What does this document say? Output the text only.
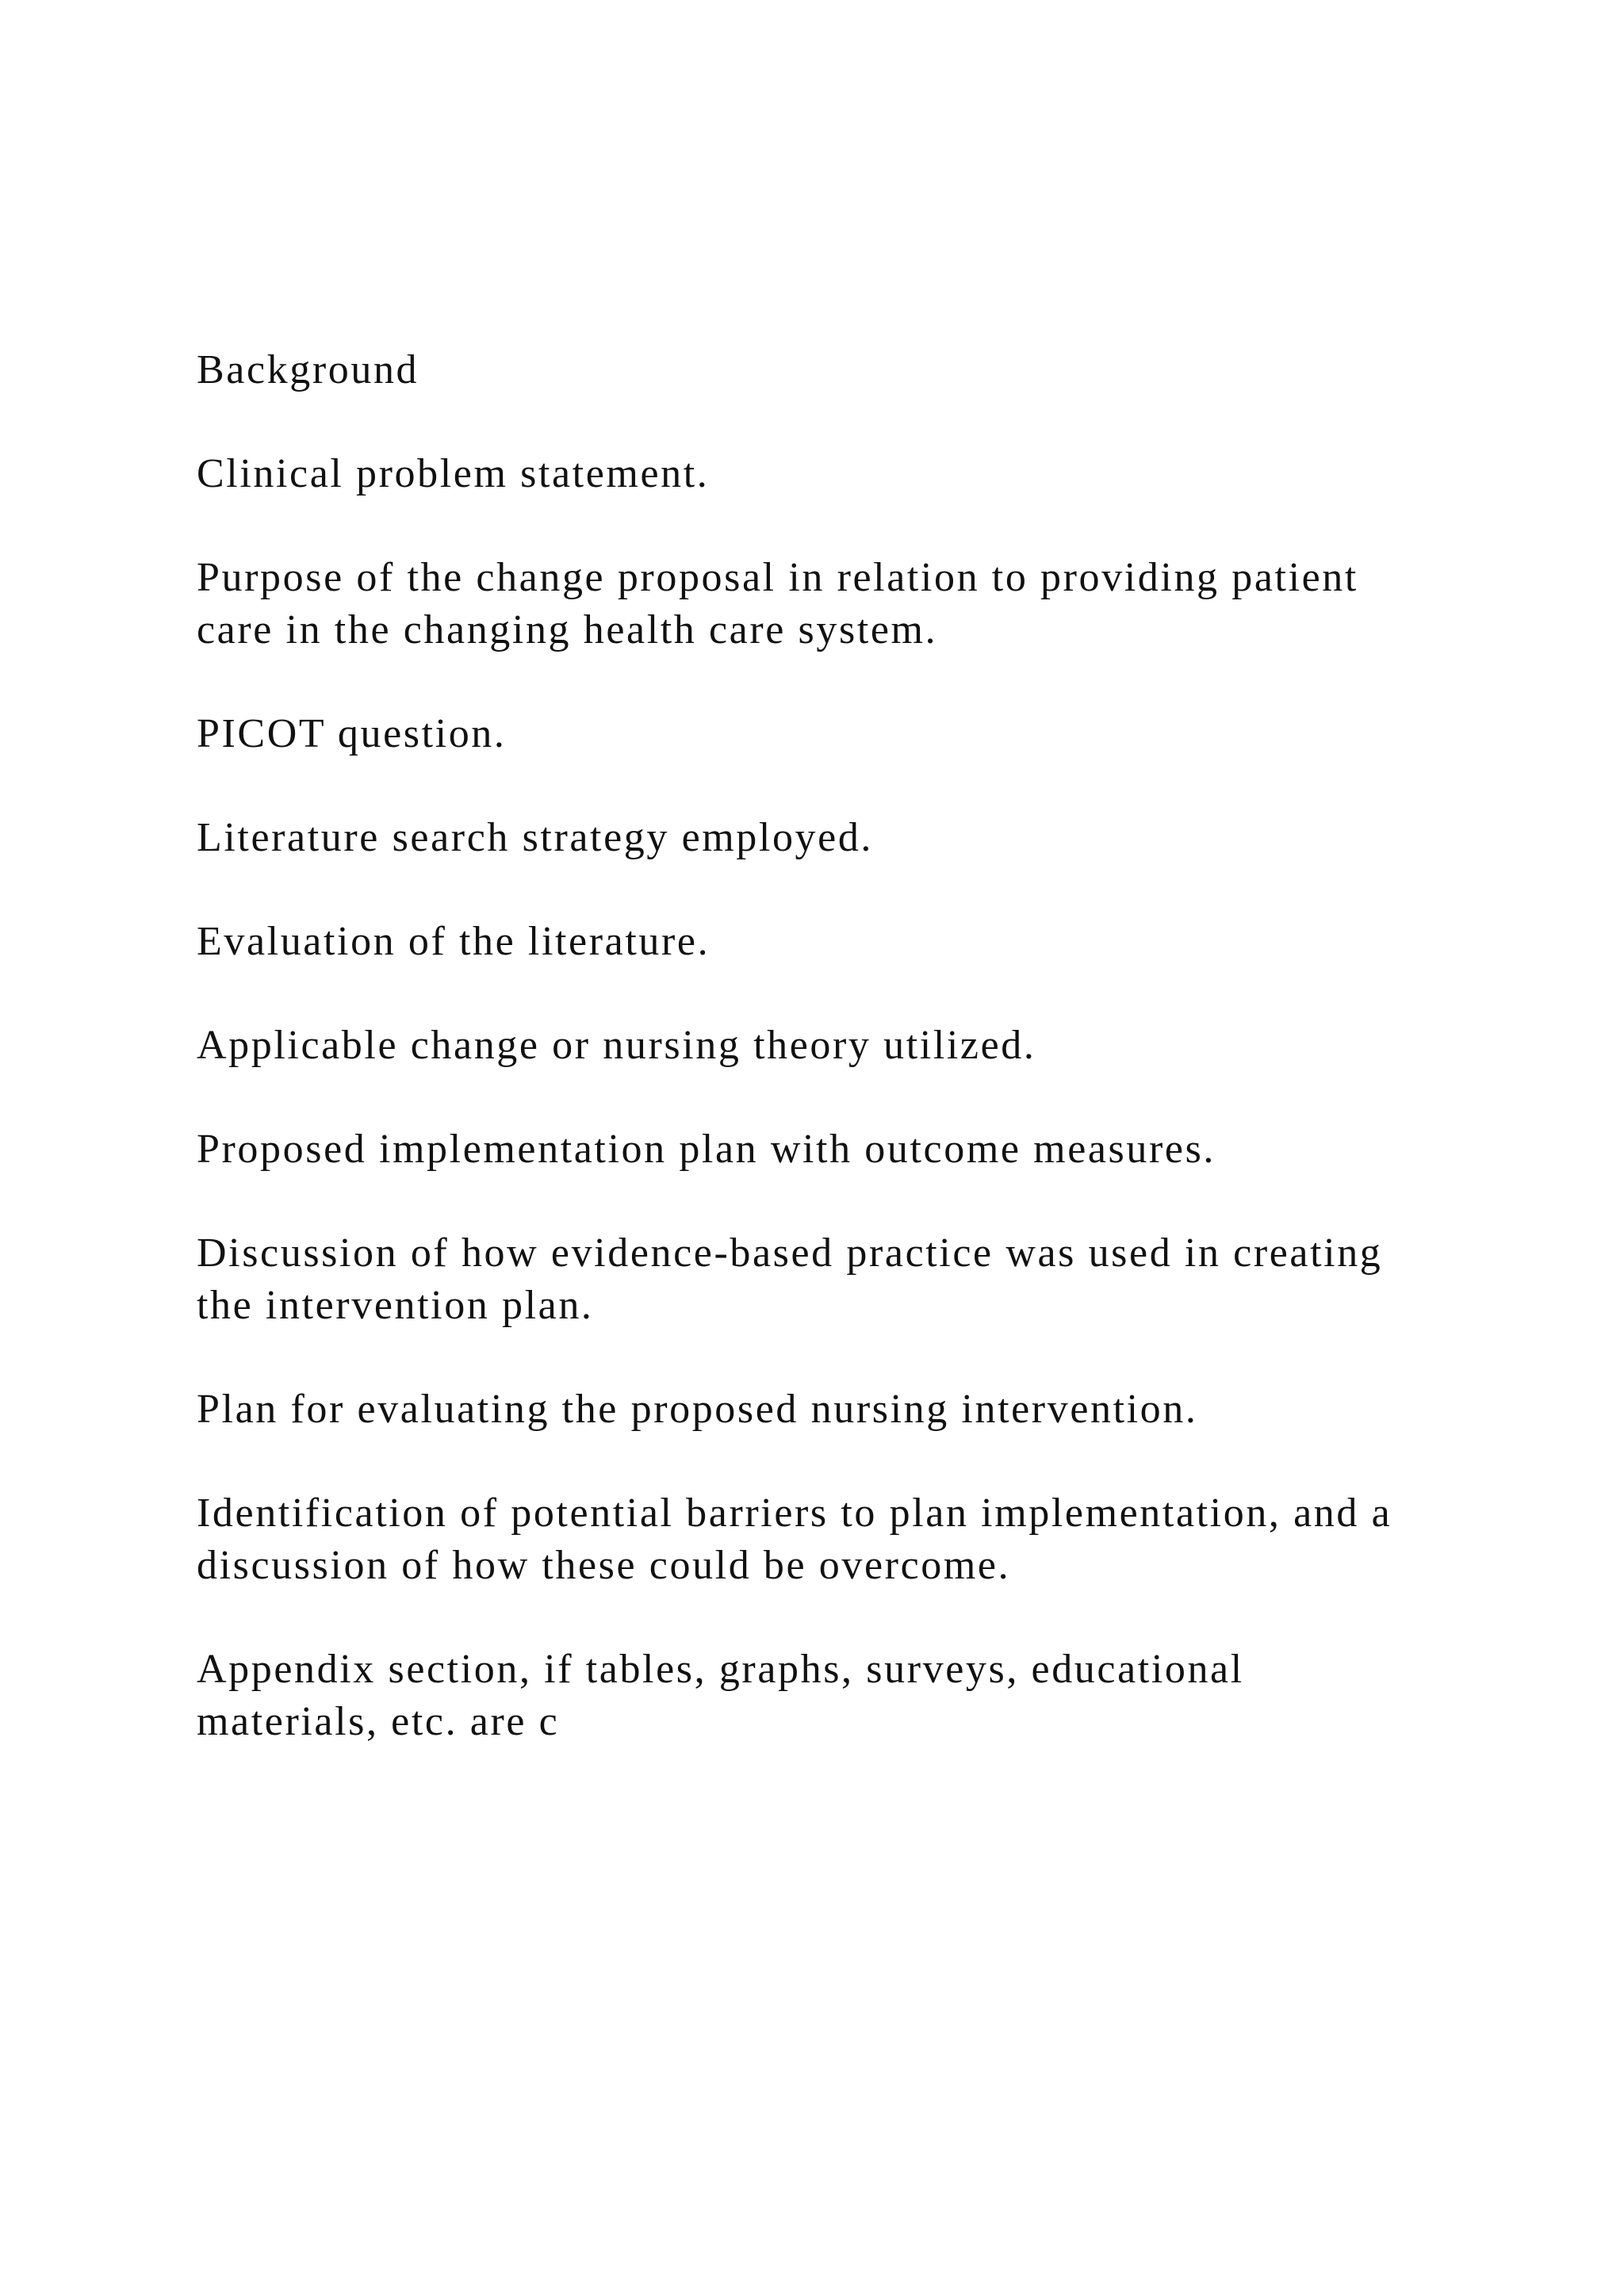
Background

Clinical problem statement.

Purpose of the change proposal in relation to providing patient
care in the changing health care system.

PICOT question.

Literature search strategy employed.

Evaluation of the literature.

Applicable change or nursing theory utilized.

Proposed implementation plan with outcome measures.

Discussion of how evidence-based practice was used in creating
the intervention plan.

Plan for evaluating the proposed nursing intervention.

Identification of potential barriers to plan implementation, and a
discussion of how these could be overcome.

Appendix section, if tables, graphs, surveys, educational
materials, etc. are c
